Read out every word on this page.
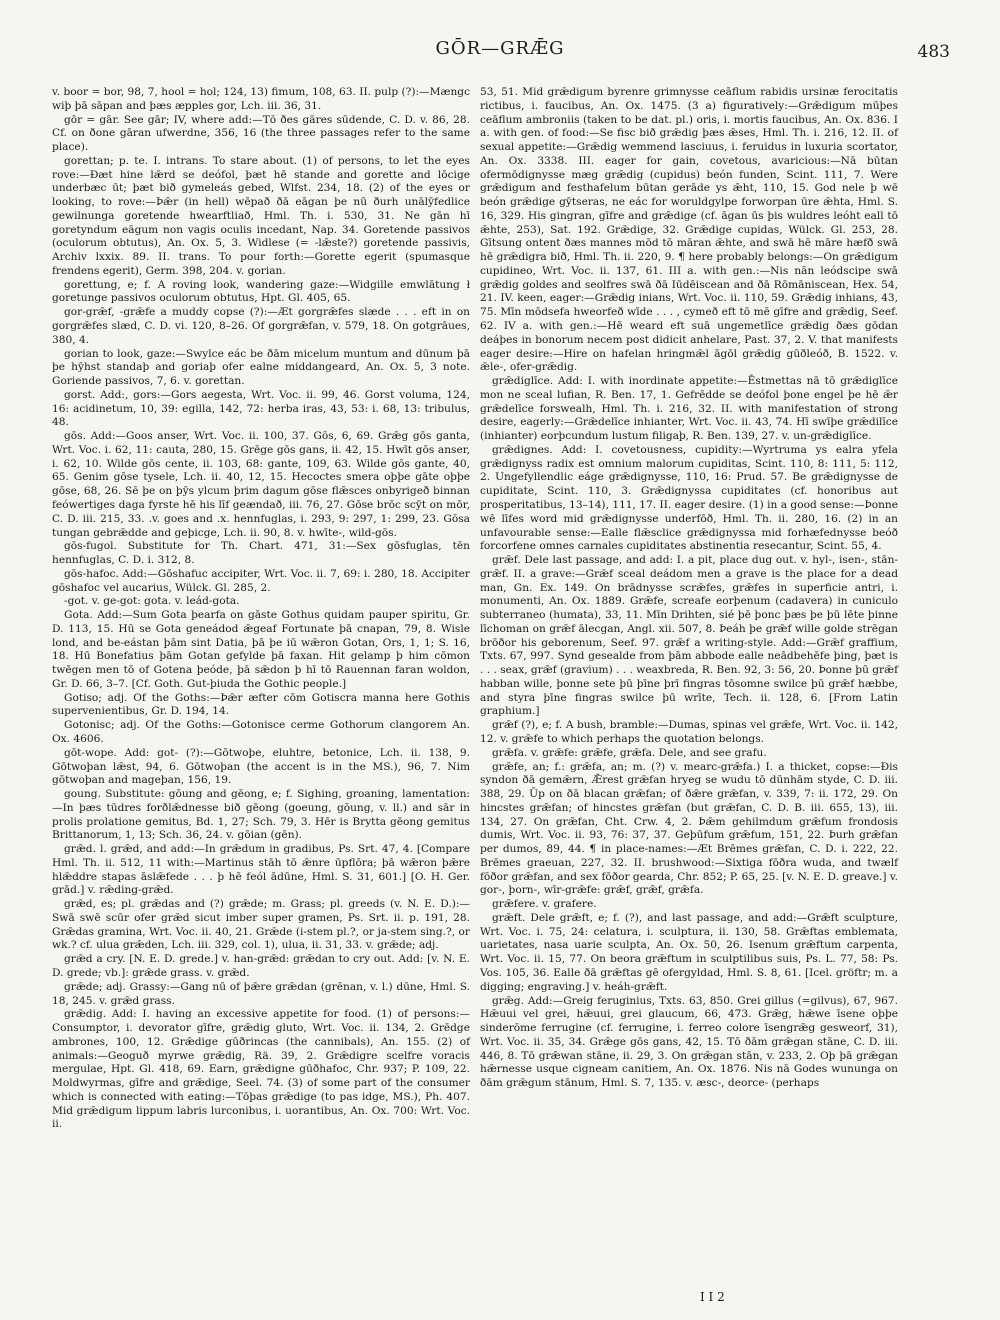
GŌR—GRǢG	483

v. boor = bor, 98, 7, hool = hol; 124, 13) fimum, 108, 63. II. pulp (?):—Mængc wiþ þā sāpan and þæs æpples gor, Lch. iii. 36, 31.

gōr = gār. See gār; IV, where add:—Tō ðes gāres sūdende, C. D. v. 86, 28. Cf. on ðone gāran ufwerdne, 356, 16 (the three passages refer to the same place).

gorettan; p. te. I. intrans. To stare about. (1) of persons, to let the eyes rove:—Ðæt hine lǣrd se deófol, þæt hē stande and gorette and lōcige underbæc ūt; þæt bið gymeleás gebed, Wlfst. 234, 18. (2) of the eyes or looking, to rove:—Þǣr (in hell) wēpað ðā eāgan þe nū ðurh unālȳfedlice gewilnunga goretende hwearftliað, Hml. Th. i. 530, 31. Ne gān hī goretyndum eāgum non vagis oculis incedant, Nap. 34. Goretende passivos (oculorum obtutus), An. Ox. 5, 3. Widlese (= -lǣste?) goretende passivis, Archiv lxxix. 89. II. trans. To pour forth:—Gorette egerit (spumasque frendens egerit), Germ. 398, 204. v. gorian.

gorettung, e; f. A roving look, wandering gaze:—Widgille emwlātung ł goretunge passivos oculorum obtutus, Hpt. Gl. 405, 65.

gor-grǣf, -grǣfe a muddy copse (?):—Æt gorgrǣfes slæde . . . eft in on gorgrǣfes slæd, C. D. vi. 120, 8–26. Of gorgrǣfan, v. 579, 18. On gotgrāues, 380, 4.

gorian to look, gaze:—Swylce eác be ðām micelum muntum and dūnum þā þe hȳhst standaþ and goriaþ ofer ealne middangeard, An. Ox. 5, 3 note. Goriende passivos, 7, 6. v. gorettan.

gorst. Add:, gors:—Gors aegesta, Wrt. Voc. ii. 99, 46. Gorst voluma, 124, 16: acidinetum, 10, 39: egilla, 142, 72: herba iras, 43, 53: i. 68, 13: tribulus, 48.

gōs. Add:—Goos anser, Wrt. Voc. ii. 100, 37. Gōs, 6, 69. Grǣg gōs ganta, Wrt. Voc. i. 62, 11: cauta, 280, 15. Grēge gōs gans, ii. 42, 15. Hwīt gōs anser, i. 62, 10. Wilde gōs cente, ii. 103, 68: gante, 109, 63. Wilde gōs gante, 40, 65. Genim gōse tysele, Lch. ii. 40, 12, 15. Hecoctes smera oþþe gāte oþþe gōse, 68, 26. Sē þe on þȳs ylcum þrim dagum gōse flǣsces onbyrigeð binnan feówertiges daga fyrste hē his līf geændað, iii. 76, 27. Gōse brōc scȳt on mōr, C. D. iii. 215, 33. .v. goes and .x. hennfuglas, i. 293, 9: 297, 1: 299, 23. Gōsa tungan gebrǣdde and geþicge, Lch. ii. 90, 8. v. hwīte-, wild-gōs.

gōs-fugol. Substitute for Th. Chart. 471, 31:—Sex gōsfuglas, tēn hennfuglas, C. D. i. 312, 8.

gōs-hafoc. Add:—Gōshafuc accipiter, Wrt. Voc. ii. 7, 69: i. 280, 18. Accipiter gōshafoc vel aucarius, Wülck. Gl. 285, 2.

-got. v. ge-got: gota. v. leád-gota.

Gota. Add:—Sum Gota þearfa on gāste Gothus quidam pauper spiritu, Gr. D. 113, 15. Hū se Gota geneádod ǣgeaf Fortunate þā cnapan, 79, 8. Wisle lond, and be-eástan þām sint Datia, þā þe iū wǣron Gotan, Ors, 1, 1; S. 16, 18. Hū Bonefatius þām Gotan gefylde þā faxan. Hit gelamp þ him cōmon twēgen men tō of Gotena þeóde, þā sǣdon þ hī tō Rauennan faran woldon, Gr. D. 66, 3–7. [Cf. Goth. Gut-þiuda the Gothic people.]

Gotiso; adj. Of the Goths:—Þǣr æfter cōm Gotiscra manna here Gothis supervenientibus, Gr. D. 194, 14.

Gotonisc; adj. Of the Goths:—Gotonisce cerme Gothorum clangorem An. Ox. 4606.

gōt-wope. Add: got- (?):—Gōtwoþe, eluhtre, betonice, Lch. ii. 138, 9. Gōtwoþan lǣst, 94, 6. Gōtwoþan (the accent is in the MS.), 96, 7. Nim gōtwoþan and mageþan, 156, 19.

goung. Substitute: gōung and gēong, e; f. Sighing, groaning, lamentation:—In þæs tūdres forðlǣdnesse bið gēong (goeung, gōung, v. ll.) and sār in prolis prolatione gemitus, Bd. 1, 27; Sch. 79, 3. Hēr is Brytta gēong gemitus Brittanorum, 1, 13; Sch. 36, 24. v. gōian (gēn).

grǣd. l. grǣd, and add:—In grǣdum in gradibus, Ps. Srt. 47, 4. [Compare Hml. Th. ii. 512, 11 with:—Martinus stāh tō ǣnre ūpflōra; þā wǣron þǣre hlǣddre stapas āslǣfede . . . þ hē feól ādūne, Hml. S. 31, 601.] [O. H. Ger. grād.] v. rǣding-grǣd.

grǣd, es; pl. grǣdas and (?) grǣde; m. Grass; pl. greeds (v. N. E. D.):—Swā swē scūr ofer grǣd sicut imber super gramen, Ps. Srt. ii. p. 191, 28. Grǣdas gramina, Wrt. Voc. ii. 40, 21. Grǣde (i-stem pl.?, or ja-stem sing.?, or wk.? cf. ulua grǣden, Lch. iii. 329, col. 1), ulua, ii. 31, 33. v. grǣde; adj.

grǣd a cry. [N. E. D. grede.] v. han-grǣd: grǣdan to cry out. Add: [v. N. E. D. grede; vb.]: grǣde grass. v. grǣd.

grǣde; adj. Grassy:—Gang nū of þǣre grǣdan (grēnan, v. l.) dūne, Hml. S. 18, 245. v. grǣd grass.

grǣdig. Add: I. having an excessive appetite for food. (1) of persons:—Consumptor, i. devorator gīfre, grǣdig gluto, Wrt. Voc. ii. 134, 2. Grēdge ambrones, 100, 12. Grǣdige gūðrincas (the cannibals), An. 155. (2) of animals:—Geoguð myrwe grǣdig, Rä. 39, 2. Grǣdigre scelfre voracis mergulae, Hpt. Gl. 418, 69. Earn, grǣdigne gūðhafoc, Chr. 937; P. 109, 22. Moldwyrmas, gīfre and grǣdige, Seel. 74. (3) of some part of the consumer which is connected with eating:—Tōþas grǣdige (to pas idge, MS.), Ph. 407. Mid grǣdigum lippum labris lurconibus, i. uorantibus, An. Ox. 700: Wrt. Voc. ii.

53, 51. Mid grǣdigum byrenre grimnysse ceāflum rabidis ursinæ ferocitatis rictibus, i. faucibus, An. Ox. 1475. (3 a) figuratively:—Grǣdigum mūþes ceāflum ambroniis (taken to be dat. pl.) oris, i. mortis faucibus, An. Ox. 836. I a. with gen. of food:—Se fisc bið grǣdig þæs ǣses, Hml. Th. i. 216, 12. II. of sexual appetite:—Grǣdig wemmend lasciuus, i. feruidus in luxuria scortator, An. Ox. 3338. III. eager for gain, covetous, avaricious:—Nā būtan ofermōdignysse mæg grǣdig (cupidus) beón funden, Scint. 111, 7. Were grǣdigum and festhafelum būtan gerāde ys ǣht, 110, 15. God nele þ wē beón grǣdige gȳtseras, ne eác for woruldgylpe forworpan ūre ǣhta, Hml. S. 16, 329. His gingran, gīfre and grǣdige (cf. āgan ūs þis wuldres leóht eall tō ǣhte, 253), Sat. 192. Grǣdige, 32. Grǣdige cupidas, Wülck. Gl. 253, 28. Gītsung ontent ðæs mannes mōd tō māran ǣhte, and swā hē māre hæfð swā hē grǣdigra bið, Hml. Th. ii. 220, 9. ¶ here probably belongs:—On grǣdigum cupidineo, Wrt. Voc. ii. 137, 61. III a. with gen.:—Nis nān leódscipe swā grǣdig goldes and seolfres swā ðā Iūdēiscean and ðā Rōmāniscean, Hex. 54, 21. IV. keen, eager:—Grǣdig inians, Wrt. Voc. ii. 110, 59. Grǣdig inhians, 43, 75. Mīn mōdsefa hweorfeð wīde . . . , cymeð eft tō mē gīfre and grǣdig, Seef. 62. IV a. with gen.:—Hē weard eft suā ungemetlīce grǣdig ðæs gōdan deáþes in bonorum necem post didicit anhelare, Past. 37, 2. V. that manifests eager desire:—Hire on hafelan hringmǣl āgōl grǣdig gūðleóð, B. 1522. v. ǣle-, ofer-grǣdig.

grǣdiglīce. Add: I. with inordinate appetite:—Ēstmettas nā tō grǣdiglīce mon ne sceal lufian, R. Ben. 17, 1. Gefrēdde se deófol þone engel þe hē ǣr grǣdelīce forswealh, Hml. Th. i. 216, 32. II. with manifestation of strong desire, eagerly:—Grǣdelīce inhianter, Wrt. Voc. ii. 43, 74. Hī swīþe grǣdilīce (inhianter) eorþcundum lustum filigaþ, R. Ben. 139, 27. v. un-grǣdiglīce.

grǣdignes. Add: I. covetousness, cupidity:—Wyrtruma ys ealra yfela grǣdignyss radix est omnium malorum cupiditas, Scint. 110, 8: 111, 5: 112, 2. Ungefyllendlic eáge grǣdignysse, 110, 16: Prud. 57. Be grǣdignysse de cupiditate, Scint. 110, 3. Grǣdignyssa cupiditates (cf. honoribus aut prosperitatibus, 13–14), 111, 17. II. eager desire. (1) in a good sense:—Þonne wē līfes word mid grǣdignysse underfōð, Hml. Th. ii. 280, 16. (2) in an unfavourable sense:—Ealle flǣsclice grǣdignyssa mid forhæfednysse beóð forcorfene omnes carnales cupiditates abstinentia resecantur, Scint. 55, 4.

grǣf. Dele last passage, and add: I. a pit, place dug out. v. hyl-, isen-, stān-grǣf. II. a grave:—Grǣf sceal deádom men a grave is the place for a dead man, Gn. Ex. 149. On brādnysse scrǣfes, grǣfes in superficie antri, i. monumenti, An. Ox. 1889. Grǣfe, screafe eorþenum (cadavera) in cuniculo subterraneo (humata), 33, 11. Mīn Drihten, sié þē þonc þæs þe þū lēte þinne līchoman on grǣf ālecgan, Angl. xii. 507, 8. Þeáh þe grǣf wille golde strēgan brōðor his geborenum, Seef. 97. grǣf a writing-style. Add:—Grǣf graffium, Txts. 67, 997. Synd gesealde from þām abbode ealle neādbehēfe þing, þæt is . . . seax, grǣf (gravium) . . . weaxbreda, R. Ben. 92, 3: 56, 20. Þonne þū grǣf habban wille, þonne sete þū þīne þrī fingras tōsomne swilce þū grǣf hæbbe, and styra þīne fingras swilce þū wrīte, Tech. ii. 128, 6. [From Latin graphium.]

grǣf (?), e; f. A bush, bramble:—Dumas, spinas vel grǣfe, Wrt. Voc. ii. 142, 12. v. grǣfe to which perhaps the quotation belongs.

grǣfa. v. grǣfe: grǣfe, grǣfa. Dele, and see grafu.

grǣfe, an; f.: grǣfa, an; m. (?) v. mearc-grǣfa.) I. a thicket, copse:—Ðis syndon ðā gemǣrn, Ǣrest grǣfan hryeg se wudu tō dūnhām styde, C. D. iii. 388, 29. Ūp on ðā blacan grǣfan; of ðǣre grǣfan, v. 339, 7: ii. 172, 29. On hincstes grǣfan; of hincstes grǣfan (but grǣfan, C. D. B. iii. 655, 13), iii. 134, 27. On grǣfan, Cht. Crw. 4, 2. Þǣm gehilmdum grǣfum frondosis dumis, Wrt. Voc. ii. 93, 76: 37, 37. Geþūfum grǣfum, 151, 22. Þurh grǣfan per dumos, 89, 44. ¶ in place-names:—Æt Brēmes grǣfan, C. D. i. 222, 22. Brēmes graeuan, 227, 32. II. brushwood:—Sixtiga fōðra wuda, and twælf fōðor grǣfan, and sex fōðor gearda, Chr. 852; P. 65, 25. [v. N. E. D. greave.] v. gor-, þorn-, wīr-grǣfe: grǣf, grǣf, grǣfa.

grǣfere. v. grafere.

grǣft. Dele grǣft, e; f. (?), and last passage, and add:—Grǣft sculpture, Wrt. Voc. i. 75, 24: celatura, i. sculptura, ii. 130, 58. Grǣftas emblemata, uarietates, nasa uarie sculpta, An. Ox. 50, 26. Isenum grǣftum carpenta, Wrt. Voc. ii. 15, 77. On beora grǣftum in sculptilibus suis, Ps. L. 77, 58: Ps. Vos. 105, 36. Ealle ðā grǣftas gē ofergyldad, Hml. S. 8, 61. [Icel. gröftr; m. a digging; engraving.] v. heáh-grǣft.

grǣg. Add:—Greig feruginius, Txts. 63, 850. Grei gillus (=gilvus), 67, 967. Hǣuui vel grei, hǣuui, grei glaucum, 66, 473. Grǣg, hǣwe īsene oþþe sinderōme ferrugine (cf. ferrugine, i. ferreo colore īsengrǣg gesweorf, 31), Wrt. Voc. ii. 35, 34. Grǣge gōs gans, 42, 15. Tō ðām grǣgan stāne, C. D. iii. 446, 8. Tō grǣwan stāne, ii. 29, 3. On grǣgan stān, v. 233, 2. Oþ þā grǣgan hǣrnesse usque cigneam canitiem, An. Ox. 1876. Nis nā Godes wununga on ðām grǣgum stānum, Hml. S. 7, 135. v. æsc-, deorce- (perhaps

I I 2
